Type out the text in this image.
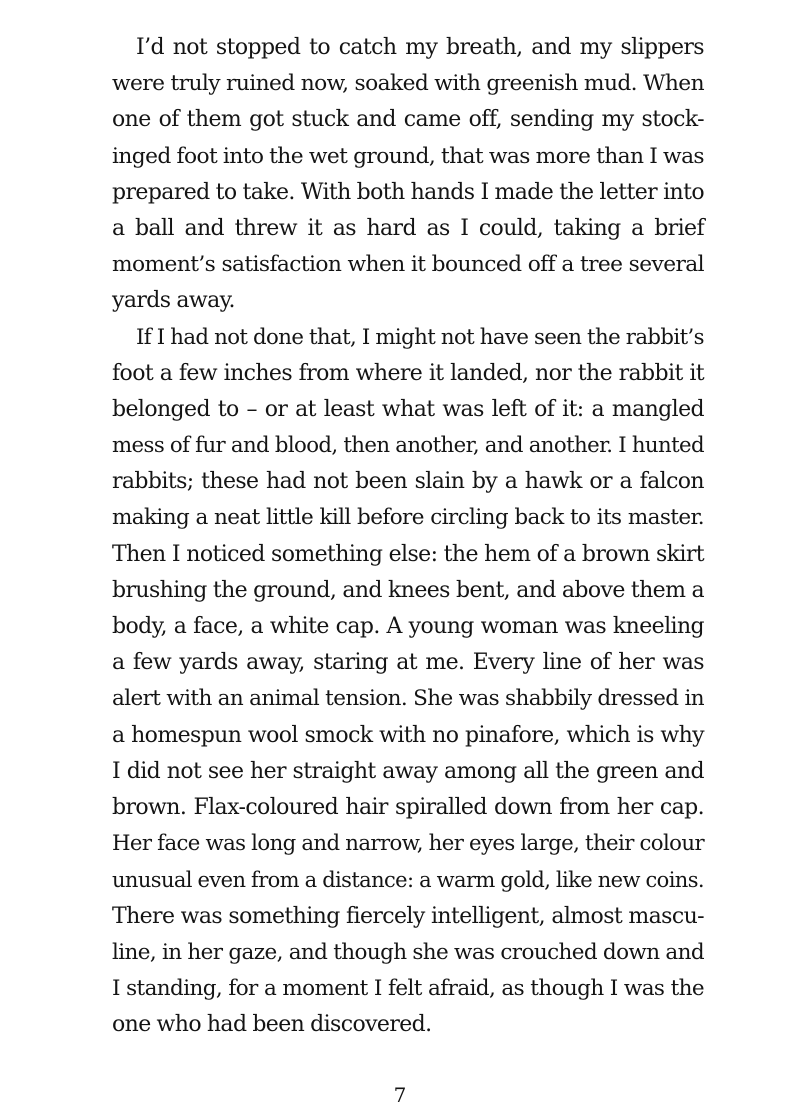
I’d not stopped to catch my breath, and my slippers
were truly ruined now, soaked with greenish mud. When
one of them got stuck and came off, sending my stock-
inged foot into the wet ground, that was more than I was
prepared to take. With both hands I made the letter into
a ball and threw it as hard as I could, taking a brief
moment’s satisfaction when it bounced off a tree several
yards away.
If I had not done that, I might not have seen the rabbit’s
foot a few inches from where it landed, nor the rabbit it
belonged to – or at least what was left of it: a mangled
mess of fur and blood, then another, and another. I hunted
rabbits; these had not been slain by a hawk or a falcon
making a neat little kill before circling back to its master.
Then I noticed something else: the hem of a brown skirt
brushing the ground, and knees bent, and above them a
body, a face, a white cap. A young woman was kneeling
a few yards away, staring at me. Every line of her was
alert with an animal tension. She was shabbily dressed in
a homespun wool smock with no pinafore, which is why
I did not see her straight away among all the green and
brown. Flax-coloured hair spiralled down from her cap.
Her face was long and narrow, her eyes large, their colour
unusual even from a distance: a warm gold, like new coins.
There was something fiercely intelligent, almost mascu-
line, in her gaze, and though she was crouched down and
I standing, for a moment I felt afraid, as though I was the
one who had been discovered.
7
